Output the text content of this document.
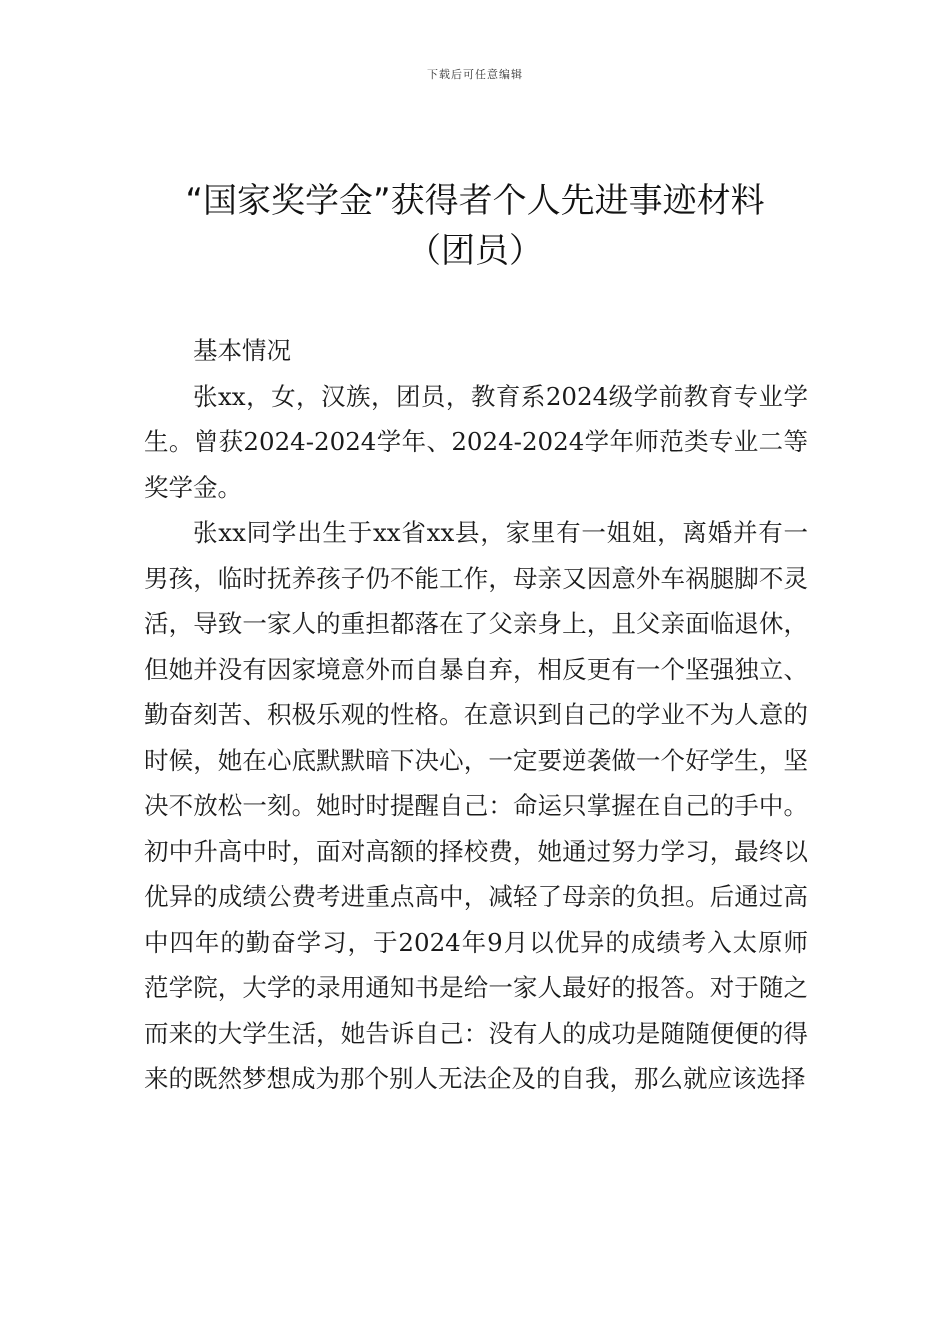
下载后可任意编辑
“国家奖学金”获得者个人先进事迹材料
（团员）

基本情况

张xx，女，汉族，团员，教育系2024级学前教育专业学生。曾获2024-2024学年、2024-2024学年师范类专业二等奖学金。

张xx同学出生于xx省xx县，家里有一姐姐，离婚并有一男孩，临时抚养孩子仍不能工作，母亲又因意外车祸腿脚不灵活，导致一家人的重担都落在了父亲身上，且父亲面临退休，但她并没有因家境意外而自暴自弃，相反更有一个坚强独立、勤奋刻苦、积极乐观的性格。在意识到自己的学业不为人意的时候，她在心底默默暗下决心，一定要逆袭做一个好学生，坚决不放松一刻。她时时提醒自己：命运只掌握在自己的手中。初中升高中时，面对高额的择校费，她通过努力学习，最终以优异的成绩公费考进重点高中，减轻了母亲的负担。后通过高中四年的勤奋学习，于2024年9月以优异的成绩考入太原师范学院，大学的录用通知书是给一家人最好的报答。对于随之而来的大学生活，她告诉自己：没有人的成功是随随便便的得来的既然梦想成为那个别人无法企及的自我，那么就应该选择
